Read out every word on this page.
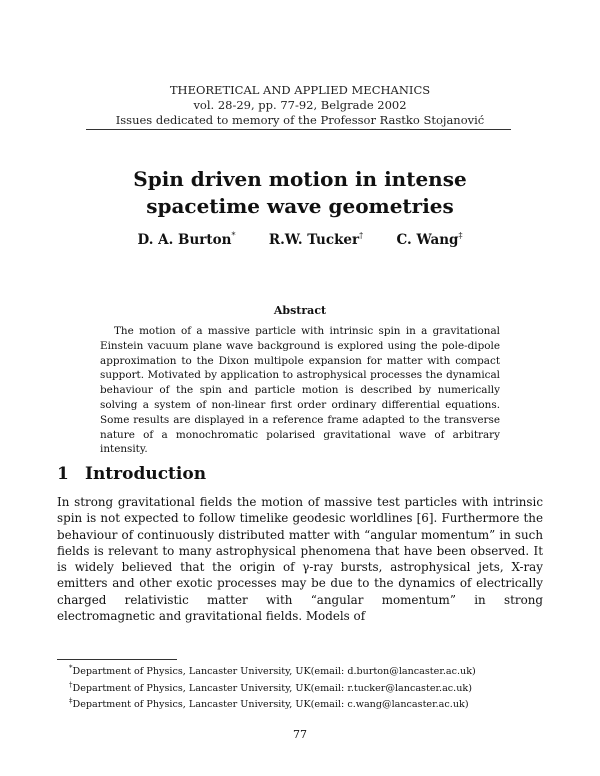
THEORETICAL AND APPLIED MECHANICS
vol. 28-29, pp. 77-92, Belgrade 2002
Issues dedicated to memory of the Professor Rastko Stojanović
Spin driven motion in intense
spacetime wave geometries
D. A. Burton* R.W. Tucker† C. Wang‡
Abstract
The motion of a massive particle with intrinsic spin in a gravitational Einstein vacuum plane wave background is explored using the pole-dipole approximation to the Dixon multipole expansion for matter with compact support. Motivated by application to astrophysical processes the dynamical behaviour of the spin and particle motion is described by numerically solving a system of non-linear first order ordinary differential equations. Some results are displayed in a reference frame adapted to the transverse nature of a monochromatic polarised gravitational wave of arbitrary intensity.
1 Introduction
In strong gravitational fields the motion of massive test particles with intrinsic spin is not expected to follow timelike geodesic worldlines [6]. Furthermore the behaviour of continuously distributed matter with “angular momentum” in such fields is relevant to many astrophysical phenomena that have been observed. It is widely believed that the origin of γ-ray bursts, astrophysical jets, X-ray emitters and other exotic processes may be due to the dynamics of electrically charged relativistic matter with “angular momentum” in strong electromagnetic and gravitational fields. Models of
*Department of Physics, Lancaster University, UK(email: d.burton@lancaster.ac.uk)
†Department of Physics, Lancaster University, UK(email: r.tucker@lancaster.ac.uk)
‡Department of Physics, Lancaster University, UK(email: c.wang@lancaster.ac.uk)
77
